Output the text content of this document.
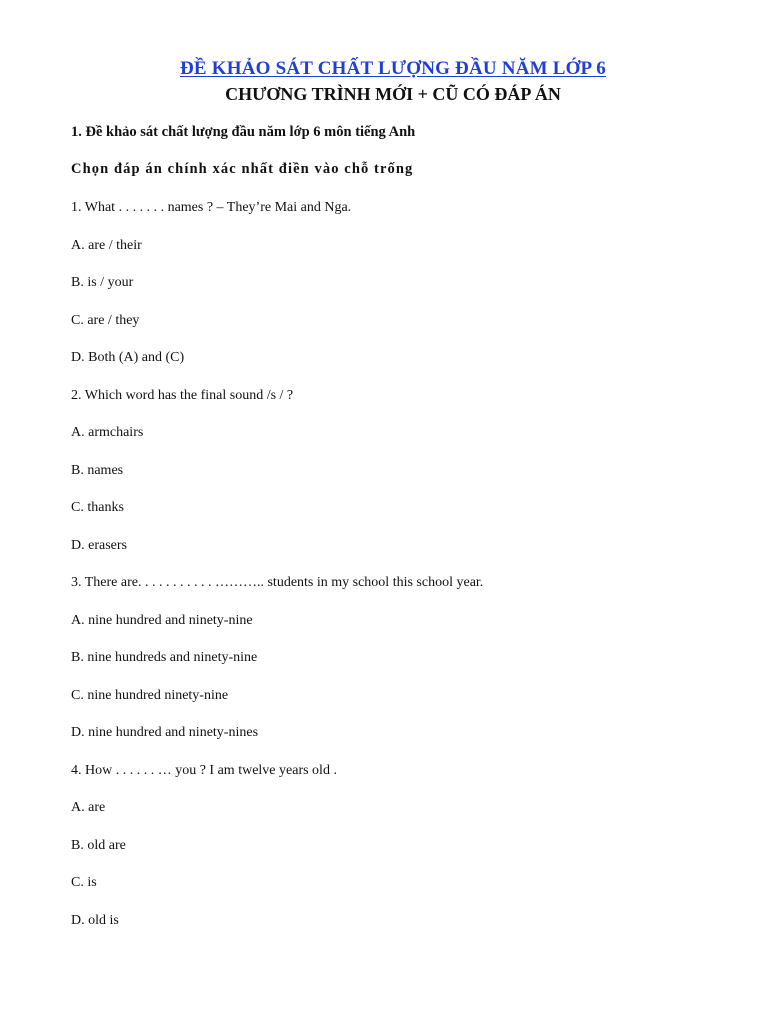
ĐỀ KHẢO SÁT CHẤT LƯỢNG ĐẦU NĂM LỚP 6
CHƯƠNG TRÌNH MỚI + CŨ CÓ ĐÁP ÁN
1. Đề khảo sát chất lượng đầu năm lớp 6 môn tiếng Anh
Chọn đáp án chính xác nhất điền vào chỗ trống
1. What . . . . . . . names ? – They’re Mai and Nga.
A. are / their
B. is / your
C. are / they
D. Both (A) and (C)
2. Which word has the final sound /s / ?
A. armchairs
B. names
C. thanks
D. erasers
3. There are. . . . . . . . . . . ……….. students in my school this school year.
A. nine hundred and ninety-nine
B. nine hundreds and ninety-nine
C. nine hundred ninety-nine
D. nine hundred and ninety-nines
4. How . . . . . . … you ? I am twelve years old .
A. are
B. old are
C. is
D. old is
